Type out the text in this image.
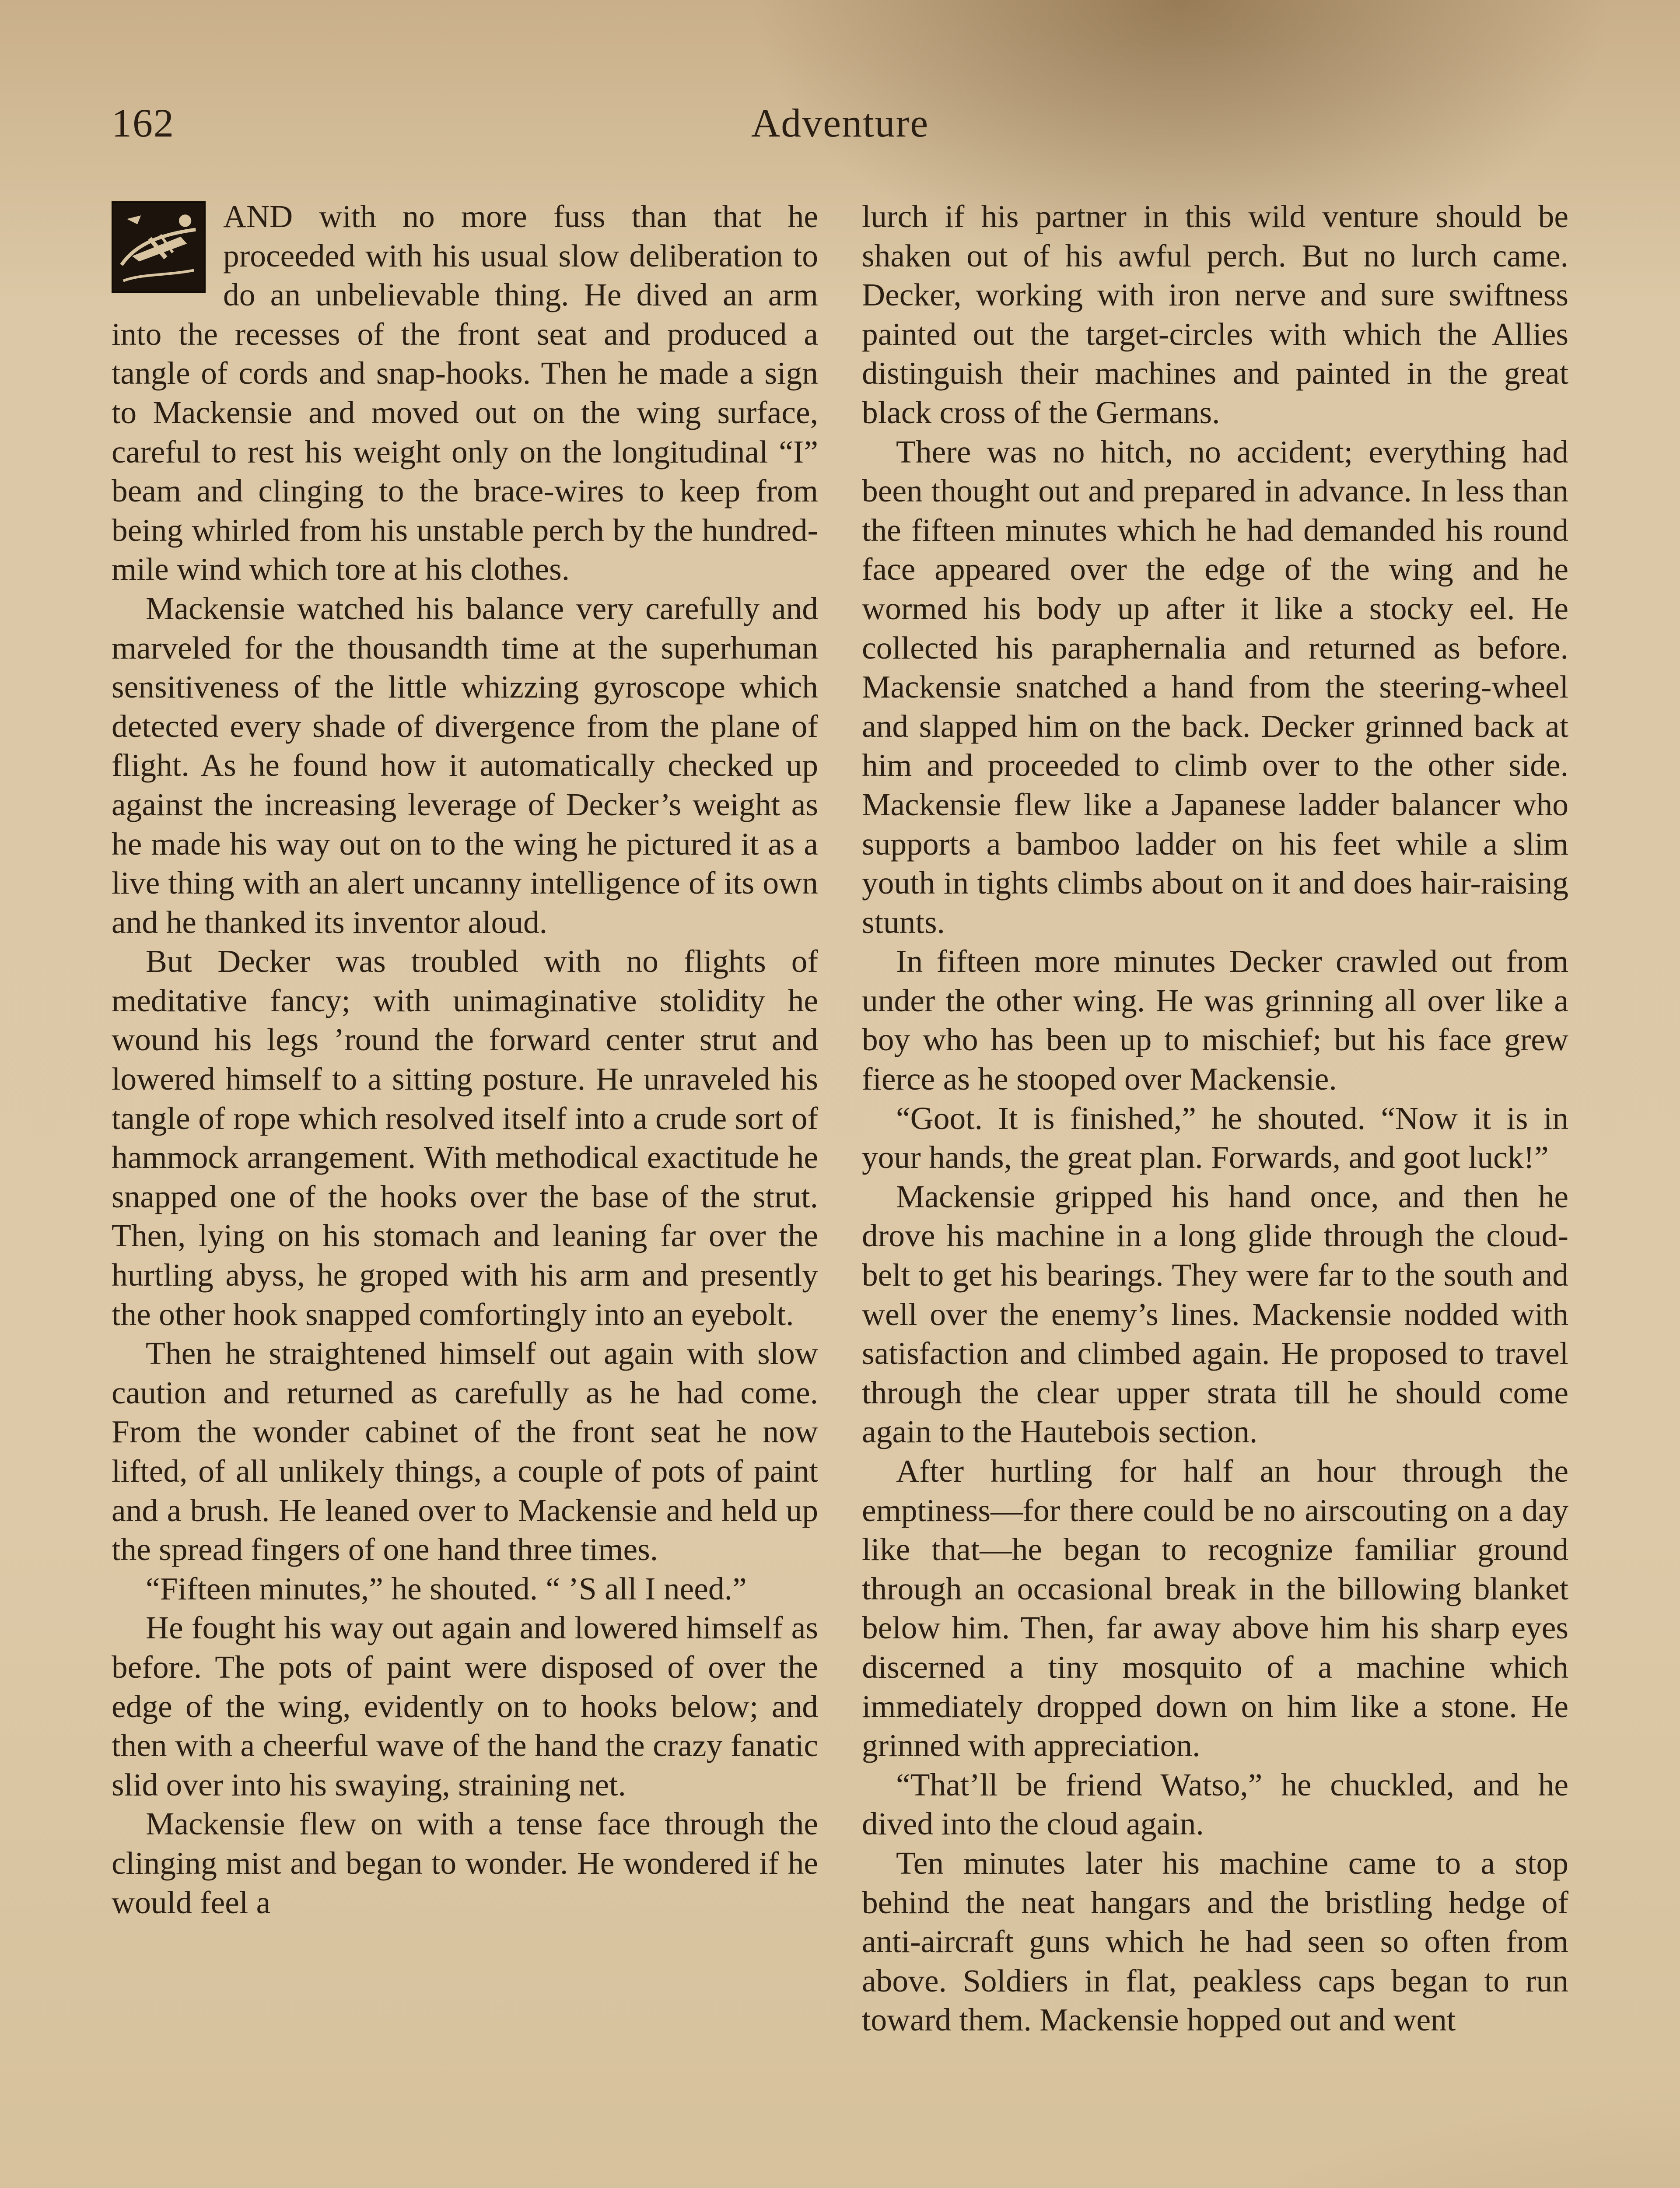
162	Adventure

AND with no more fuss than that he proceeded with his usual slow deliberation to do an unbelievable thing. He dived an arm into the recesses of the front seat and produced a tangle of cords and snap-hooks. Then he made a sign to Mackensie and moved out on the wing surface, careful to rest his weight only on the longitudinal “I” beam and clinging to the brace-wires to keep from being whirled from his unstable perch by the hundred-mile wind which tore at his clothes.

Mackensie watched his balance very carefully and marveled for the thousandth time at the superhuman sensitiveness of the little whizzing gyroscope which detected every shade of divergence from the plane of flight. As he found how it automatically checked up against the increasing leverage of Decker’s weight as he made his way out on to the wing he pictured it as a live thing with an alert uncanny intelligence of its own and he thanked its inventor aloud.

But Decker was troubled with no flights of meditative fancy; with unimaginative stolidity he wound his legs ’round the forward center strut and lowered himself to a sitting posture. He unraveled his tangle of rope which resolved itself into a crude sort of hammock arrangement. With methodical exactitude he snapped one of the hooks over the base of the strut. Then, lying on his stomach and leaning far over the hurtling abyss, he groped with his arm and presently the other hook snapped comfortingly into an eyebolt.

Then he straightened himself out again with slow caution and returned as carefully as he had come. From the wonder cabinet of the front seat he now lifted, of all unlikely things, a couple of pots of paint and a brush. He leaned over to Mackensie and held up the spread fingers of one hand three times.

“Fifteen minutes,” he shouted. “ ’S all I need.”

He fought his way out again and lowered himself as before. The pots of paint were disposed of over the edge of the wing, evidently on to hooks below; and then with a cheerful wave of the hand the crazy fanatic slid over into his swaying, straining net.

Mackensie flew on with a tense face through the clinging mist and began to wonder. He wondered if he would feel a

lurch if his partner in this wild venture should be shaken out of his awful perch. But no lurch came. Decker, working with iron nerve and sure swiftness painted out the target-circles with which the Allies distinguish their machines and painted in the great black cross of the Germans.

There was no hitch, no accident; everything had been thought out and prepared in advance. In less than the fifteen minutes which he had demanded his round face appeared over the edge of the wing and he wormed his body up after it like a stocky eel. He collected his paraphernalia and returned as before. Mackensie snatched a hand from the steering-wheel and slapped him on the back. Decker grinned back at him and proceeded to climb over to the other side. Mackensie flew like a Japanese ladder balancer who supports a bamboo ladder on his feet while a slim youth in tights climbs about on it and does hair-raising stunts.

In fifteen more minutes Decker crawled out from under the other wing. He was grinning all over like a boy who has been up to mischief; but his face grew fierce as he stooped over Mackensie.

“Goot. It is finished,” he shouted. “Now it is in your hands, the great plan. Forwards, and goot luck!”

Mackensie gripped his hand once, and then he drove his machine in a long glide through the cloud-belt to get his bearings. They were far to the south and well over the enemy’s lines. Mackensie nodded with satisfaction and climbed again. He proposed to travel through the clear upper strata till he should come again to the Hautebois section.

After hurtling for half an hour through the emptiness—for there could be no airscouting on a day like that—he began to recognize familiar ground through an occasional break in the billowing blanket below him. Then, far away above him his sharp eyes discerned a tiny mosquito of a machine which immediately dropped down on him like a stone. He grinned with appreciation.

“That’ll be friend Watso,” he chuckled, and he dived into the cloud again.

Ten minutes later his machine came to a stop behind the neat hangars and the bristling hedge of anti-aircraft guns which he had seen so often from above. Soldiers in flat, peakless caps began to run toward them. Mackensie hopped out and went
